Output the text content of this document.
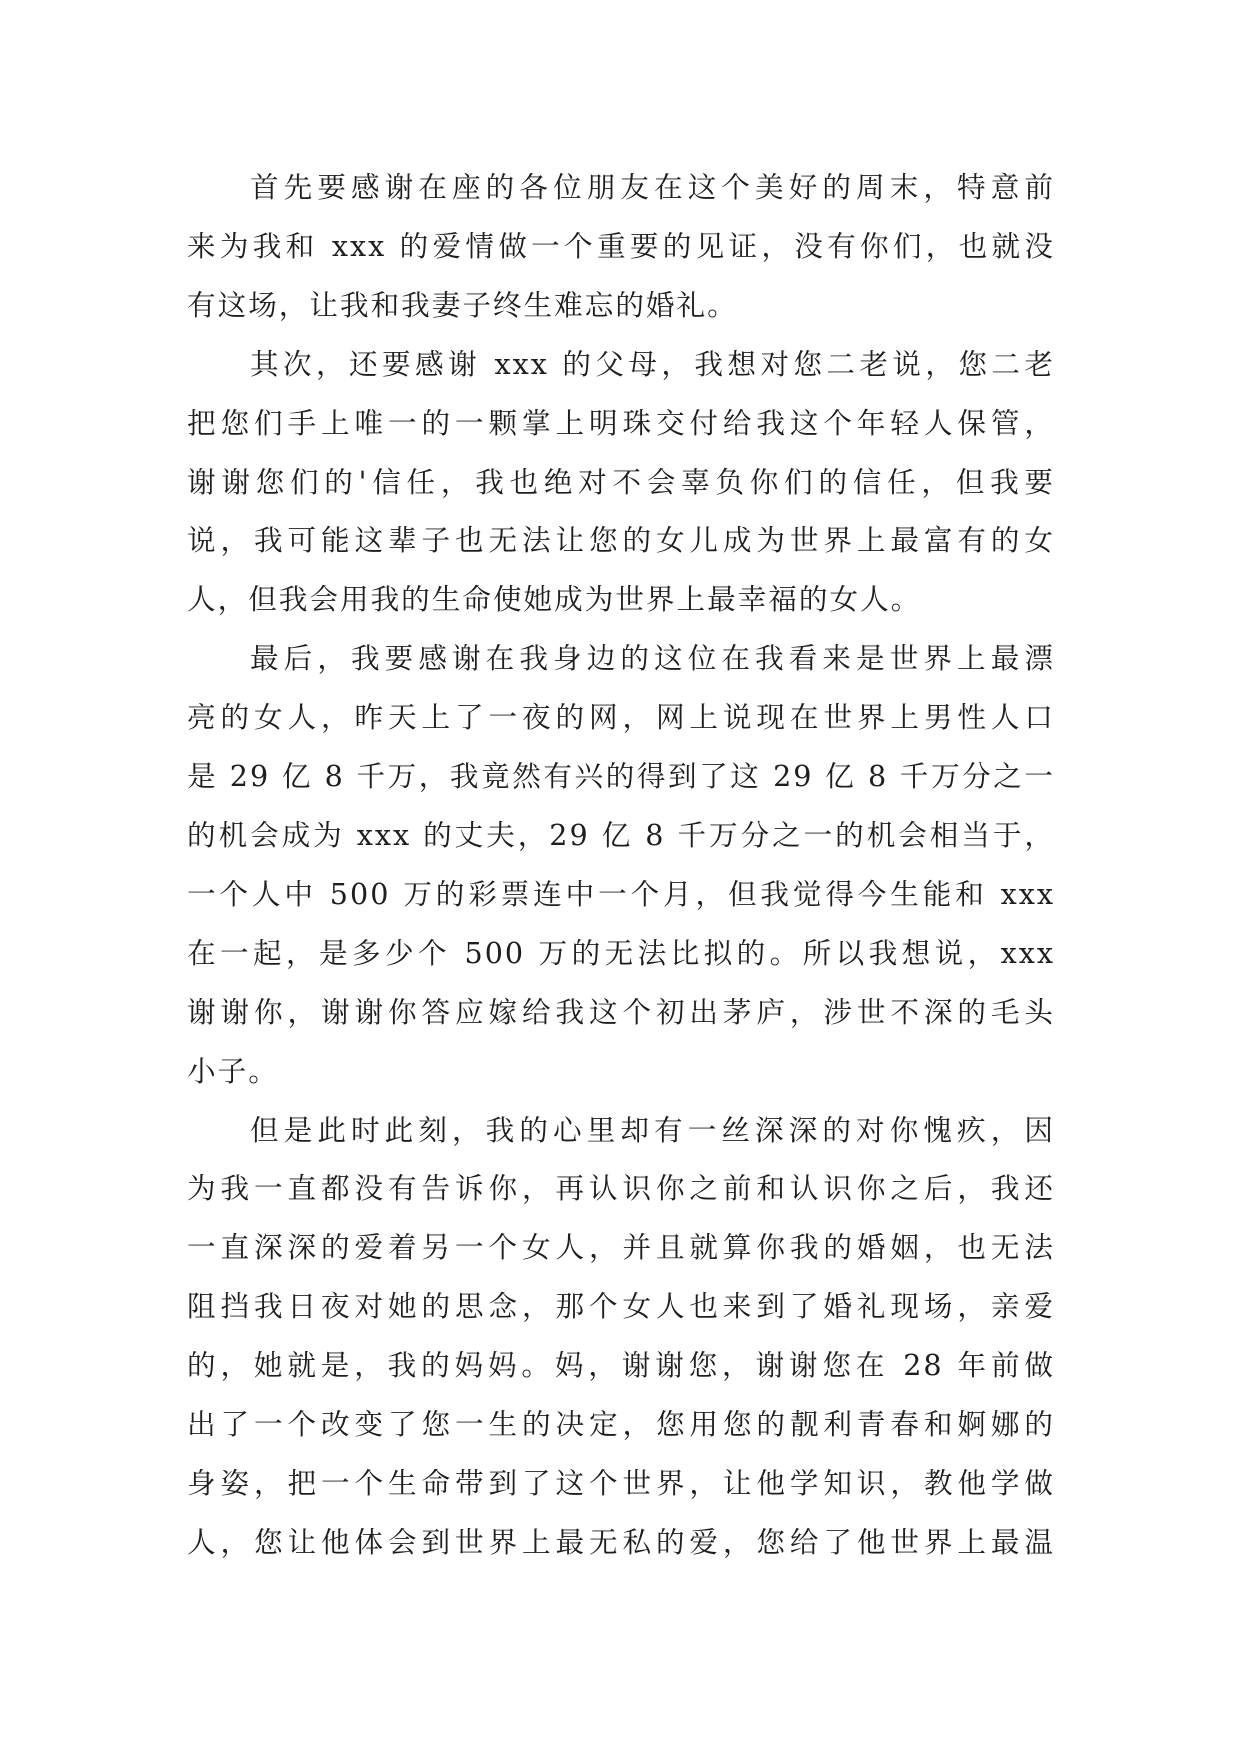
首先要感谢在座的各位朋友在这个美好的周末，特意前
来为我和 xxx 的爱情做一个重要的见证，没有你们，也就没
有这场，让我和我妻子终生难忘的婚礼。
其次，还要感谢 xxx 的父母，我想对您二老说，您二老
把您们手上唯一的一颗掌上明珠交付给我这个年轻人保管，
谢谢您们的'信任，我也绝对不会辜负你们的信任，但我要
说，我可能这辈子也无法让您的女儿成为世界上最富有的女
人，但我会用我的生命使她成为世界上最幸福的女人。
最后，我要感谢在我身边的这位在我看来是世界上最漂
亮的女人，昨天上了一夜的网，网上说现在世界上男性人口
是 29 亿 8 千万，我竟然有兴的得到了这 29 亿 8 千万分之一
的机会成为 xxx 的丈夫，29 亿 8 千万分之一的机会相当于，
一个人中 500 万的彩票连中一个月，但我觉得今生能和 xxx
在一起，是多少个 500 万的无法比拟的。所以我想说，xxx
谢谢你，谢谢你答应嫁给我这个初出茅庐，涉世不深的毛头
小子。
但是此时此刻，我的心里却有一丝深深的对你愧疚，因
为我一直都没有告诉你，再认识你之前和认识你之后，我还
一直深深的爱着另一个女人，并且就算你我的婚姻，也无法
阻挡我日夜对她的思念，那个女人也来到了婚礼现场，亲爱
的，她就是，我的妈妈。妈，谢谢您，谢谢您在 28 年前做
出了一个改变了您一生的决定，您用您的靓利青春和婀娜的
身姿，把一个生命带到了这个世界，让他学知识，教他学做
人，您让他体会到世界上最无私的爱，您给了他世界上最温
